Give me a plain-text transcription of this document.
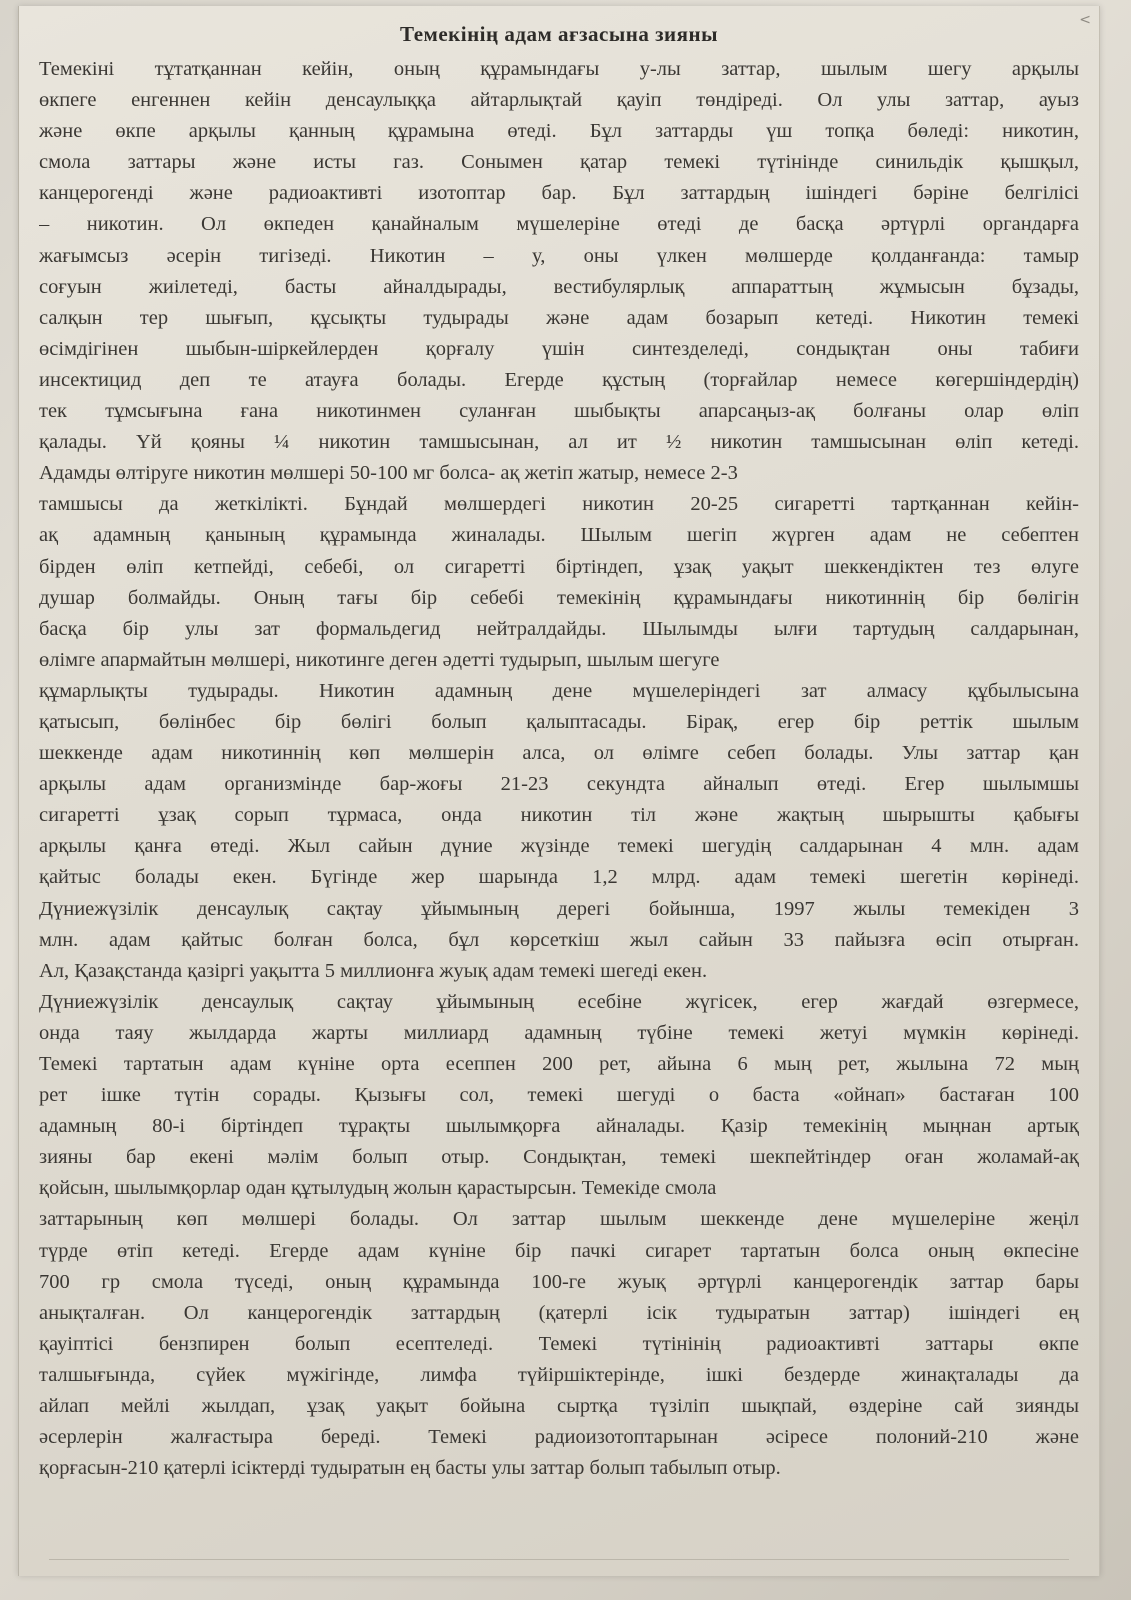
<
Темекінің адам ағзасына зияны
Темекіні тұтатқаннан кейін, оның құрамындағы у-лы заттар, шылым шегу арқылы
өкпеге енгеннен кейін денсаулыққа айтарлықтай қауіп төндіреді. Ол улы заттар, ауыз
және өкпе арқылы қанның құрамына өтеді. Бұл заттарды үш топқа бөледі: никотин,
смола заттары және исты газ. Сонымен қатар темекі түтінінде синильдік қышқыл,
канцерогенді және радиоактивті изотоптар бар. Бұл заттардың ішіндегі бәріне белгілісі
– никотин. Ол өкпеден қанайналым мүшелеріне өтеді де басқа әртүрлі органдарға
жағымсыз әсерін тигізеді. Никотин – у, оны үлкен мөлшерде қолданғанда: тамыр
соғуын жиілетеді, басты айналдырады, вестибулярлық аппараттың жұмысын бұзады,
салқын тер шығып, құсықты тудырады және адам бозарып кетеді. Никотин темекі
өсімдігінен шыбын-шіркейлерден қорғалу үшін синтезделеді, сондықтан оны табиғи
инсектицид деп те атауға болады. Егерде құстың (торғайлар немесе көгершіндердің)
тек тұмсығына ғана никотинмен суланған шыбықты апарсаңыз-ақ болғаны олар өліп
қалады. Үй қояны ¼ никотин тамшысынан, ал ит ½ никотин тамшысынан өліп кетеді.
Адамды өлтіруге никотин мөлшері 50-100 мг болса- ақ жетіп жатыр, немесе 2-3
тамшысы да жеткілікті. Бұндай мөлшердегі никотин 20-25 сигаретті тартқаннан кейін-
ақ адамның қанының құрамында жиналады. Шылым шегіп жүрген адам не себептен
бірден өліп кетпейді, себебі, ол сигаретті біртіндеп, ұзақ уақыт шеккендіктен тез өлуге
душар болмайды. Оның тағы бір себебі темекінің құрамындағы никотиннің бір бөлігін
басқа бір улы зат формальдегид нейтралдайды. Шылымды ылғи тартудың салдарынан,
өлімге апармайтын мөлшері, никотинге деген әдетті тудырып, шылым шегуге
құмарлықты тудырады. Никотин адамның дене мүшелеріндегі зат алмасу құбылысына
қатысып, бөлінбес бір бөлігі болып қалыптасады. Бірақ, егер бір реттік шылым
шеккенде адам никотиннің көп мөлшерін алса, ол өлімге себеп болады. Улы заттар қан
арқылы адам организмінде бар-жоғы 21-23 секундта айналып өтеді. Егер шылымшы
сигаретті ұзақ сорып тұрмаса, онда никотин тіл және жақтың шырышты қабығы
арқылы қанға өтеді. Жыл сайын дүние жүзінде темекі шегудің салдарынан 4 млн. адам
қайтыс болады екен. Бүгінде жер шарында 1,2 млрд. адам темекі шегетін көрінеді.
Дүниежүзілік денсаулық сақтау ұйымының дерегі бойынша, 1997 жылы темекіден 3
млн. адам қайтыс болған болса, бұл көрсеткіш жыл сайын 33 пайызға өсіп отырған.
Ал, Қазақстанда қазіргі уақытта 5 миллионға жуық адам темекі шегеді екен.
Дүниежүзілік денсаулық сақтау ұйымының есебіне жүгісек, егер жағдай өзгермесе,
онда таяу жылдарда жарты миллиард адамның түбіне темекі жетуі мүмкін көрінеді.
Темекі тартатын адам күніне орта есеппен 200 рет, айына 6 мың рет, жылына 72 мың
рет ішке түтін сорады. Қызығы сол, темекі шегуді о баста «ойнап» бастаған 100
адамның 80-і біртіндеп тұрақты шылымқорға айналады. Қазір темекінің мыңнан артық
зияны бар екені мәлім болып отыр. Сондықтан, темекі шекпейтіндер оған жоламай-ақ
қойсын, шылымқорлар одан құтылудың жолын қарастырсын. Темекіде смола
заттарының көп мөлшері болады. Ол заттар шылым шеккенде дене мүшелеріне жеңіл
түрде өтіп кетеді. Егерде адам күніне бір пачкі сигарет тартатын болса оның өкпесіне
700 гр смола түседі, оның құрамында 100-ге жуық әртүрлі канцерогендік заттар бары
анықталған. Ол канцерогендік заттардың (қатерлі ісік тудыратын заттар) ішіндегі ең
қауіптісі бензпирен болып есептеледі. Темекі түтінінің радиоактивті заттары өкпе
талшығында, сүйек мүжігінде, лимфа түйіршіктерінде, ішкі бездерде жинақталады да
айлап мейлі жылдап, ұзақ уақыт бойына сыртқа түзіліп шықпай, өздеріне сай зиянды
әсерлерін жалғастыра береді. Темекі радиоизотоптарынан әсіресе полоний-210 және
қорғасын-210 қатерлі ісіктерді тудыратын ең басты улы заттар болып табылып отыр.
